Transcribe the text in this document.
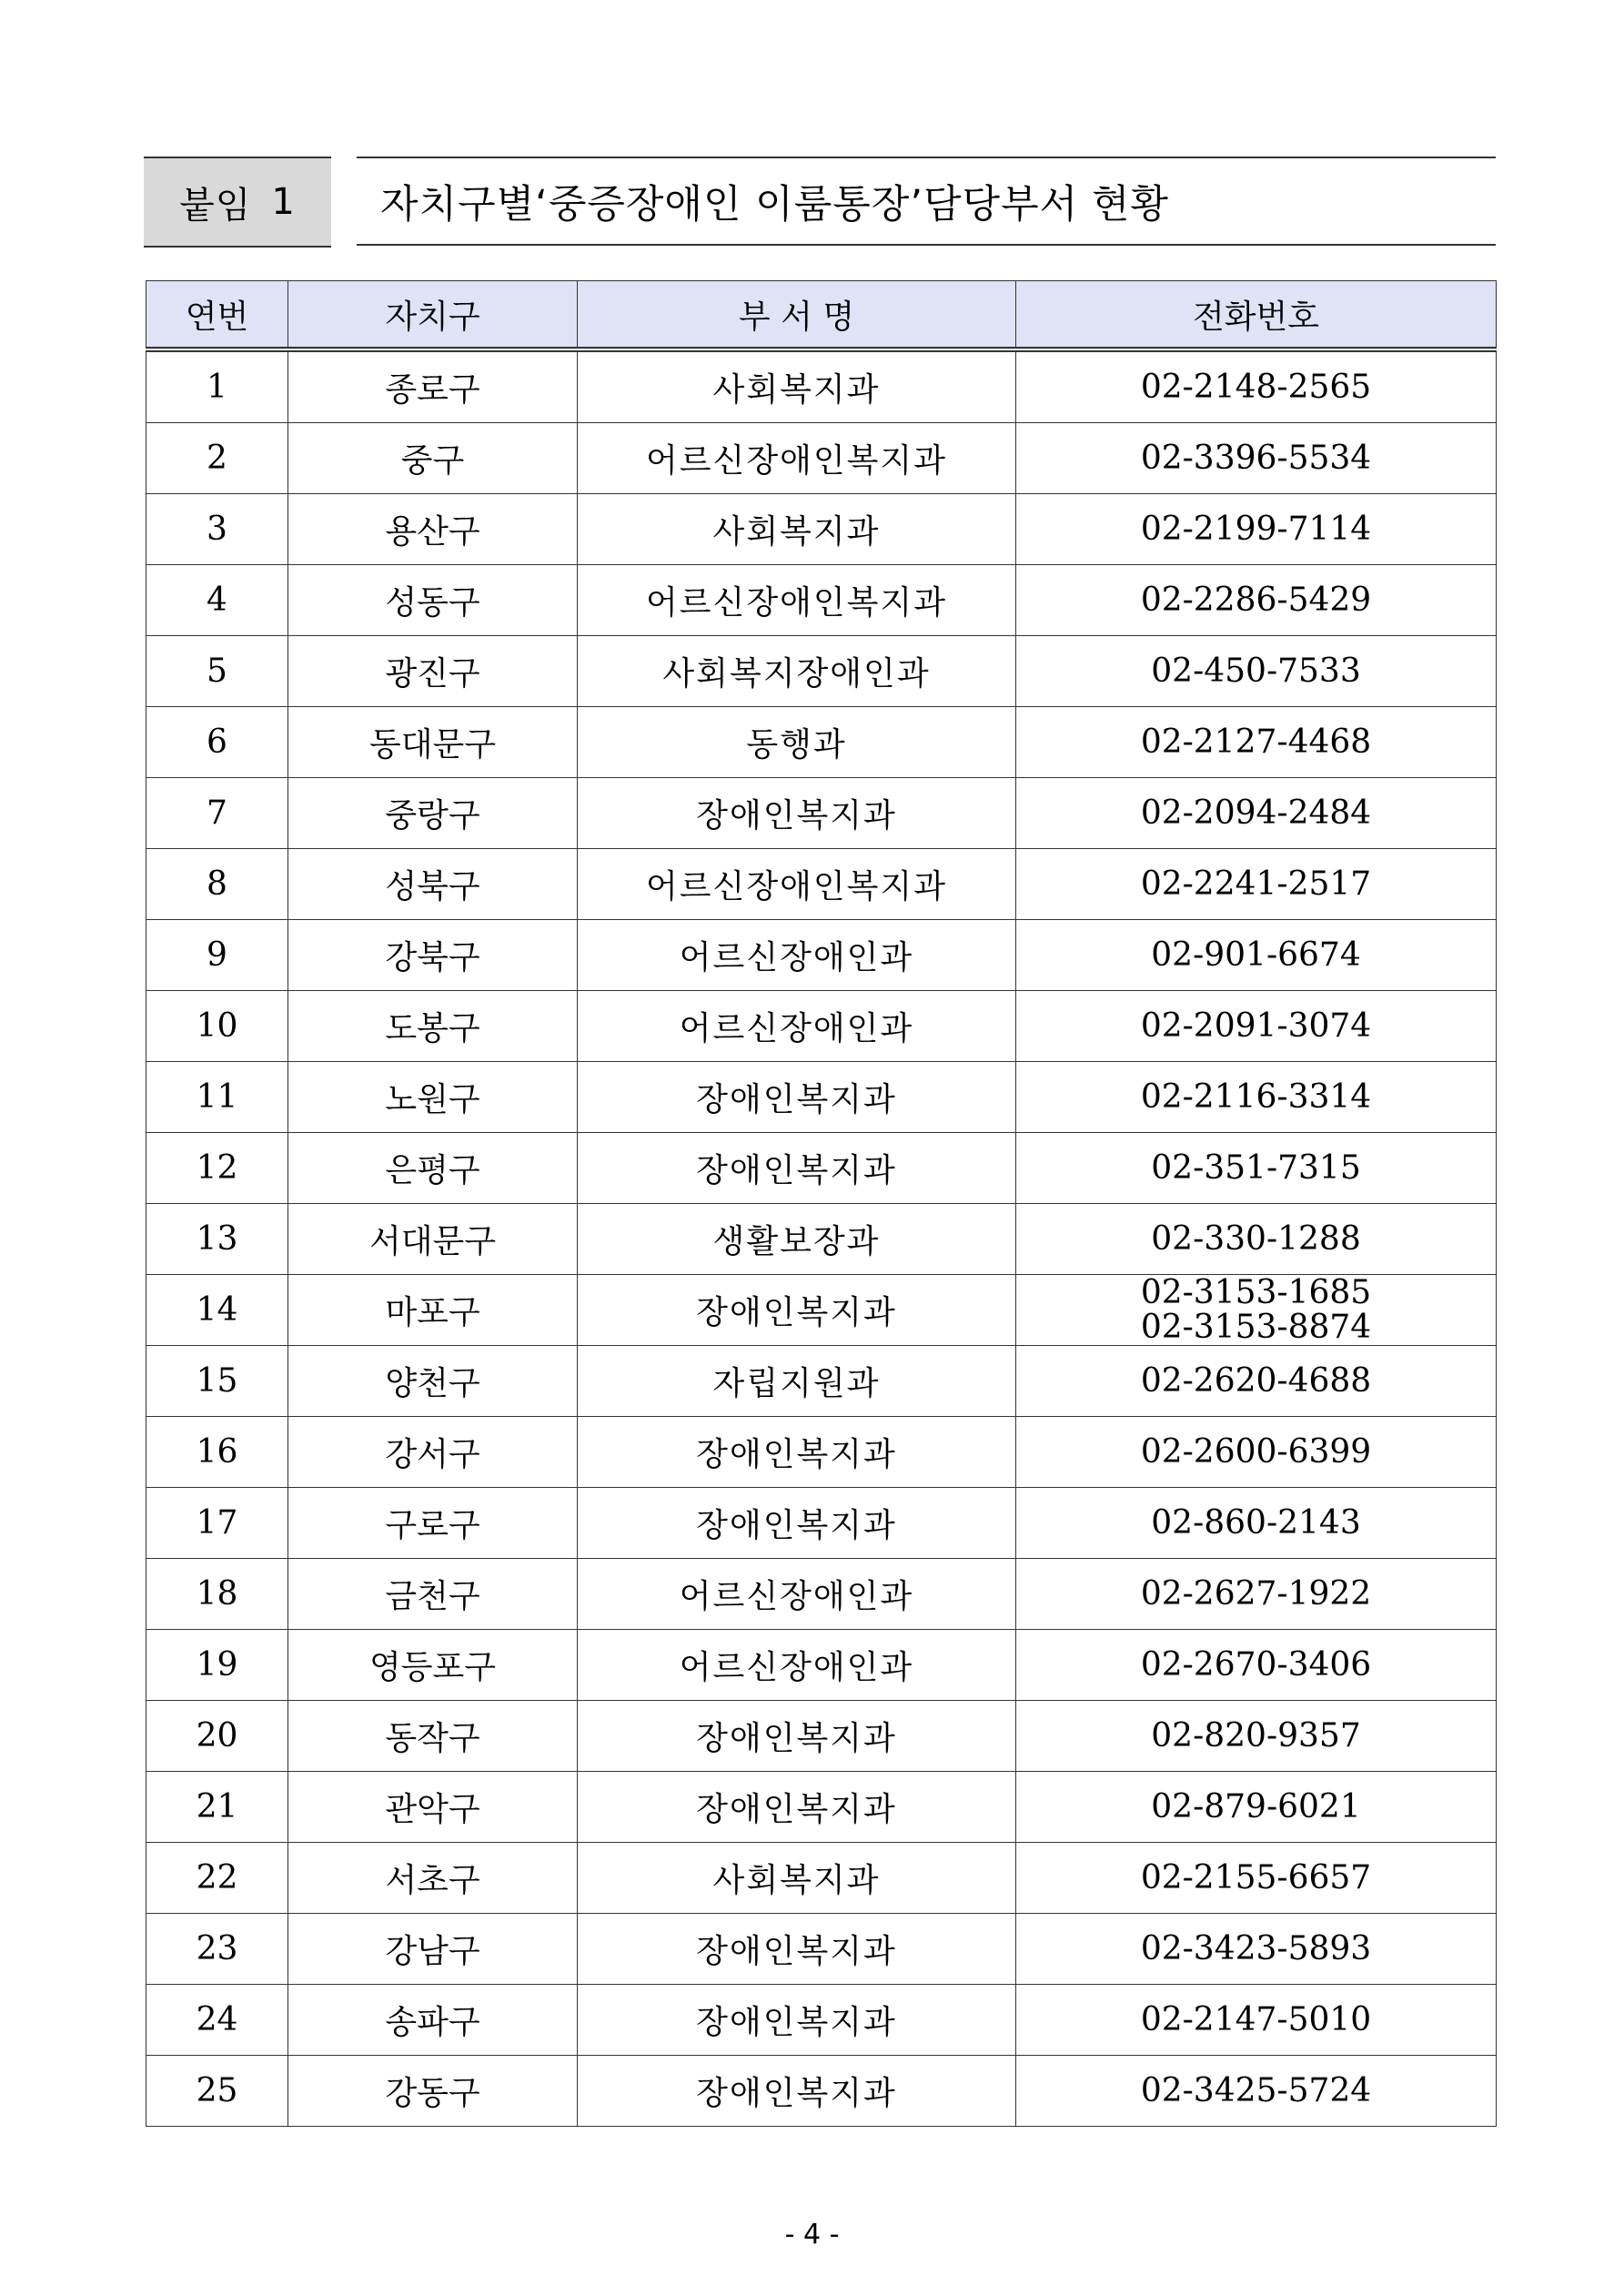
붙임 1 자치구별‘중증장애인 이룸통장’담당부서 현황
연번	자치구	부 서 명	전화번호
1	종로구	사회복지과	02-2148-2565

2	중구	어르신장애인복지과	02-3396-5534

3	용산구	사회복지과	02-2199-7114

4	성동구	어르신장애인복지과	02-2286-5429

5	광진구	사회복지장애인과	02-450-7533

6	동대문구	동행과	02-2127-4468

7	중랑구	장애인복지과	02-2094-2484

8	성북구	어르신장애인복지과	02-2241-2517

9	강북구	어르신장애인과	02-901-6674

10	도봉구	어르신장애인과	02-2091-3074

11	노원구	장애인복지과	02-2116-3314

12	은평구	장애인복지과	02-351-7315

13	서대문구	생활보장과	02-330-1288

14	마포구	장애인복지과	02-3153-1685
02-3153-8874

15	양천구	자립지원과	02-2620-4688

16	강서구	장애인복지과	02-2600-6399

17	구로구	장애인복지과	02-860-2143

18	금천구	어르신장애인과	02-2627-1922

19	영등포구	어르신장애인과	02-2670-3406

20	동작구	장애인복지과	02-820-9357

21	관악구	장애인복지과	02-879-6021

22	서초구	사회복지과	02-2155-6657

23	강남구	장애인복지과	02-3423-5893

24	송파구	장애인복지과	02-2147-5010

25	강동구	장애인복지과	02-3425-5724
- 4 -
